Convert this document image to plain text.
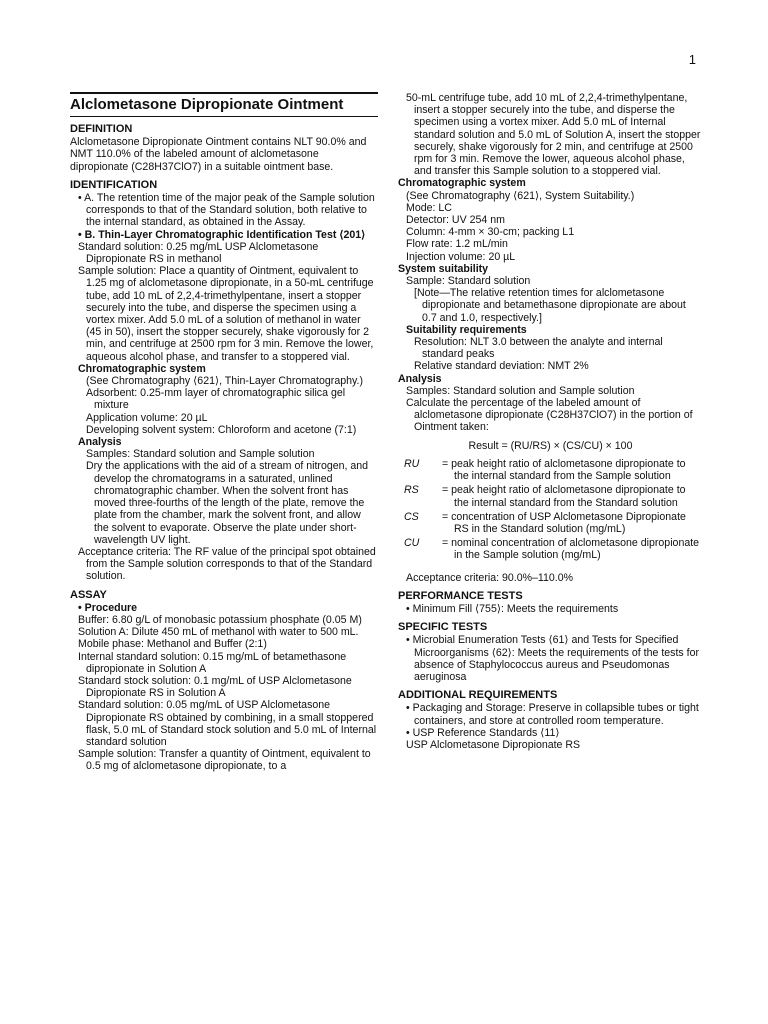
1
Alclometasone Dipropionate Ointment
DEFINITION

Alclometasone Dipropionate Ointment contains NLT 90.0% and NMT 110.0% of the labeled amount of alclometasone dipropionate (C28H37ClO7) in a suitable ointment base.

IDENTIFICATION

• A. The retention time of the major peak of the Sample solution corresponds to that of the Standard solution, both relative to the internal standard, as obtained in the Assay.

• B. Thin-Layer Chromatographic Identification Test ⟨201⟩

Standard solution: 0.25 mg/mL USP Alclometasone Dipropionate RS in methanol

Sample solution: Place a quantity of Ointment, equivalent to 1.25 mg of alclometasone dipropionate, in a 50-mL centrifuge tube, add 10 mL of 2,2,4-trimethylpentane, insert a stopper securely into the tube, and disperse the specimen using a vortex mixer. Add 5.0 mL of a solution of methanol in water (45 in 50), insert the stopper securely, shake vigorously for 2 min, and centrifuge at 2500 rpm for 3 min. Remove the lower, aqueous alcohol phase, and transfer to a stoppered vial.

Chromatographic system

(See Chromatography ⟨621⟩, Thin-Layer Chromatography.)

Adsorbent: 0.25-mm layer of chromatographic silica gel mixture

Application volume: 20 µL

Developing solvent system: Chloroform and acetone (7:1)

Analysis

Samples: Standard solution and Sample solution

Dry the applications with the aid of a stream of nitrogen, and develop the chromatograms in a saturated, unlined chromatographic chamber. When the solvent front has moved three-fourths of the length of the plate, remove the plate from the chamber, mark the solvent front, and allow the solvent to evaporate. Observe the plate under short-wavelength UV light.

Acceptance criteria: The RF value of the principal spot obtained from the Sample solution corresponds to that of the Standard solution.

ASSAY

• Procedure

Buffer: 6.80 g/L of monobasic potassium phosphate (0.05 M)

Solution A: Dilute 450 mL of methanol with water to 500 mL.

Mobile phase: Methanol and Buffer (2:1)

Internal standard solution: 0.15 mg/mL of betamethasone dipropionate in Solution A

Standard stock solution: 0.1 mg/mL of USP Alclometasone Dipropionate RS in Solution A

Standard solution: 0.05 mg/mL of USP Alclometasone Dipropionate RS obtained by combining, in a small stoppered flask, 5.0 mL of Standard stock solution and 5.0 mL of Internal standard solution

Sample solution: Transfer a quantity of Ointment, equivalent to 0.5 mg of alclometasone dipropionate, to a

50-mL centrifuge tube, add 10 mL of 2,2,4-trimethylpentane, insert a stopper securely into the tube, and disperse the specimen using a vortex mixer. Add 5.0 mL of Internal standard solution and 5.0 mL of Solution A, insert the stopper securely, shake vigorously for 2 min, and centrifuge at 2500 rpm for 3 min. Remove the lower, aqueous alcohol phase, and transfer this Sample solution to a stoppered vial.

Chromatographic system

(See Chromatography ⟨621⟩, System Suitability.)

Mode: LC

Detector: UV 254 nm

Column: 4-mm × 30-cm; packing L1

Flow rate: 1.2 mL/min

Injection volume: 20 µL

System suitability

Sample: Standard solution

[Note—The relative retention times for alclometasone dipropionate and betamethasone dipropionate are about 0.7 and 1.0, respectively.]

Suitability requirements

Resolution: NLT 3.0 between the analyte and internal standard peaks

Relative standard deviation: NMT 2%

Analysis

Samples: Standard solution and Sample solution

Calculate the percentage of the labeled amount of alclometasone dipropionate (C28H37ClO7) in the portion of Ointment taken:

Result = (RU/RS) × (CS/CU) × 100

RU	= peak height ratio of alclometasone dipropionate to the internal standard from the Sample solution
RS	= peak height ratio of alclometasone dipropionate to the internal standard from the Standard solution
CS	= concentration of USP Alclometasone Dipropionate RS in the Standard solution (mg/mL)
CU	= nominal concentration of alclometasone dipropionate in the Sample solution (mg/mL)

Acceptance criteria: 90.0%–110.0%

PERFORMANCE TESTS

• Minimum Fill ⟨755⟩: Meets the requirements

SPECIFIC TESTS

• Microbial Enumeration Tests ⟨61⟩ and Tests for Specified Microorganisms ⟨62⟩: Meets the requirements of the tests for absence of Staphylococcus aureus and Pseudomonas aeruginosa

ADDITIONAL REQUIREMENTS

• Packaging and Storage: Preserve in collapsible tubes or tight containers, and store at controlled room temperature.

• USP Reference Standards ⟨11⟩

USP Alclometasone Dipropionate RS
